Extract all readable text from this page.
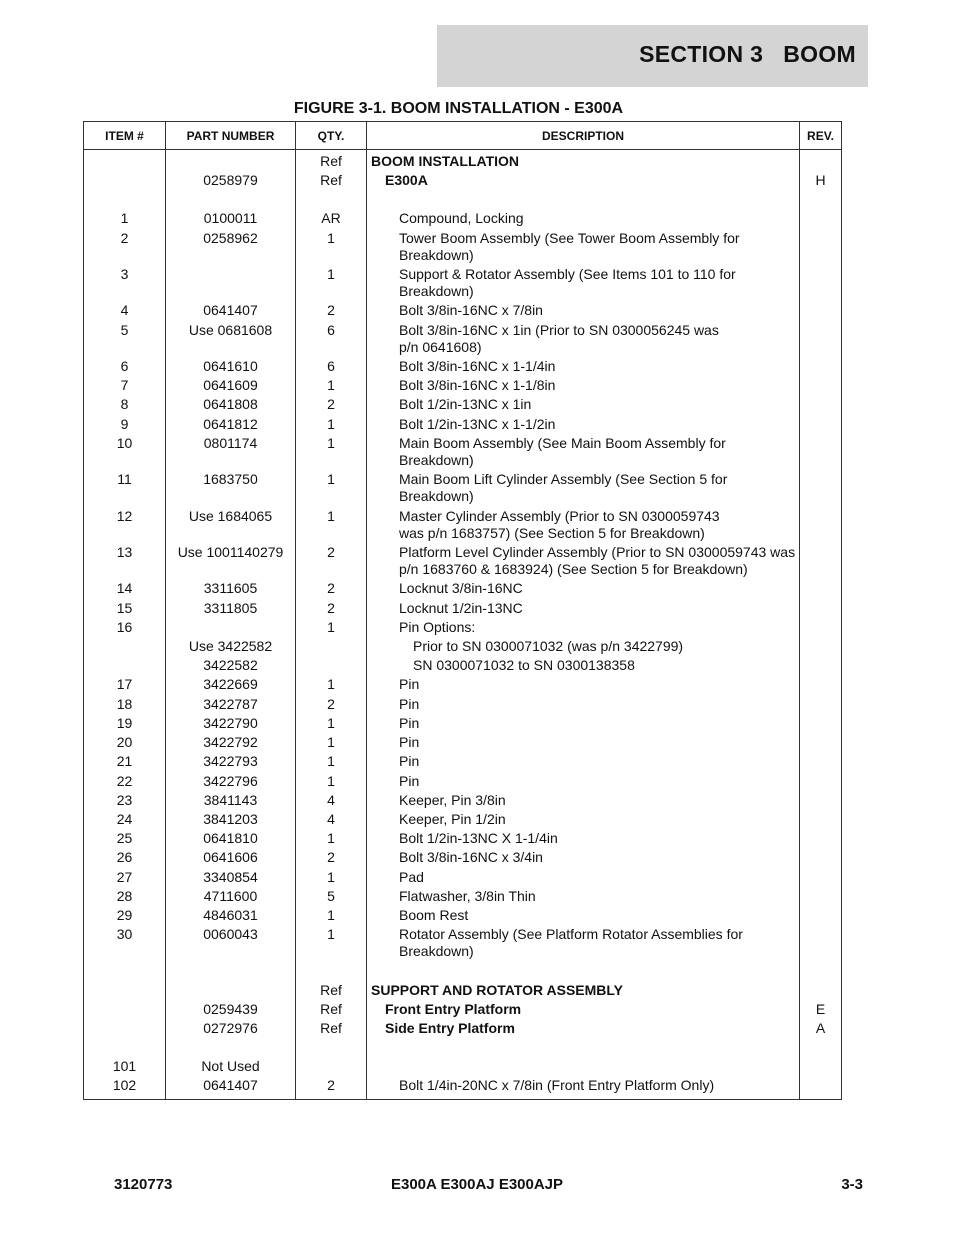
SECTION 3   BOOM
FIGURE 3-1. BOOM INSTALLATION - E300A
ITEM #	PART NUMBER	QTY.	DESCRIPTION	REV.
		Ref	BOOM INSTALLATION	

	0258979	Ref	E300A	H

1	0100011	AR	Compound, Locking	

2	0258962	1	Tower Boom Assembly (See Tower Boom Assembly for
Breakdown)	

3		1	Support & Rotator Assembly (See Items 101 to 110 for
Breakdown)	

4	0641407	2	Bolt 3/8in-16NC x 7/8in	

5	Use 0681608	6	Bolt 3/8in-16NC x 1in (Prior to SN 0300056245 was
p/n 0641608)	

6	0641610	6	Bolt 3/8in-16NC x 1-1/4in	

7	0641609	1	Bolt 3/8in-16NC x 1-1/8in	

8	0641808	2	Bolt 1/2in-13NC x 1in	

9	0641812	1	Bolt 1/2in-13NC x 1-1/2in	

10	0801174	1	Main Boom Assembly (See Main Boom Assembly for
Breakdown)	

11	1683750	1	Main Boom Lift Cylinder Assembly (See Section 5 for
Breakdown)	

12	Use 1684065	1	Master Cylinder Assembly (Prior to SN 0300059743
was p/n 1683757) (See Section 5 for Breakdown)	

13	Use 1001140279	2	Platform Level Cylinder Assembly (Prior to SN 0300059743 was
p/n 1683760 & 1683924) (See Section 5 for Breakdown)	

14	3311605	2	Locknut 3/8in-16NC	

15	3311805	2	Locknut 1/2in-13NC	

16		1	Pin Options:	

	Use 3422582		Prior to SN 0300071032 (was p/n 3422799)	

	3422582		SN 0300071032 to SN 0300138358	

17	3422669	1	Pin	

18	3422787	2	Pin	

19	3422790	1	Pin	

20	3422792	1	Pin	

21	3422793	1	Pin	

22	3422796	1	Pin	

23	3841143	4	Keeper, Pin 3/8in	

24	3841203	4	Keeper, Pin 1/2in	

25	0641810	1	Bolt 1/2in-13NC X 1-1/4in	

26	0641606	2	Bolt 3/8in-16NC x 3/4in	

27	3340854	1	Pad	

28	4711600	5	Flatwasher, 3/8in Thin	

29	4846031	1	Boom Rest	

30	0060043	1	Rotator Assembly (See Platform Rotator Assemblies for
Breakdown)	

		Ref	SUPPORT AND ROTATOR ASSEMBLY	

	0259439	Ref	Front Entry Platform	E
	0272976	Ref	Side Entry Platform	A

101	Not Used		

102	0641407	2	Bolt 1/4in-20NC x 7/8in (Front Entry Platform Only)	

3120773	E300A E300AJ E300AJP	3-3
